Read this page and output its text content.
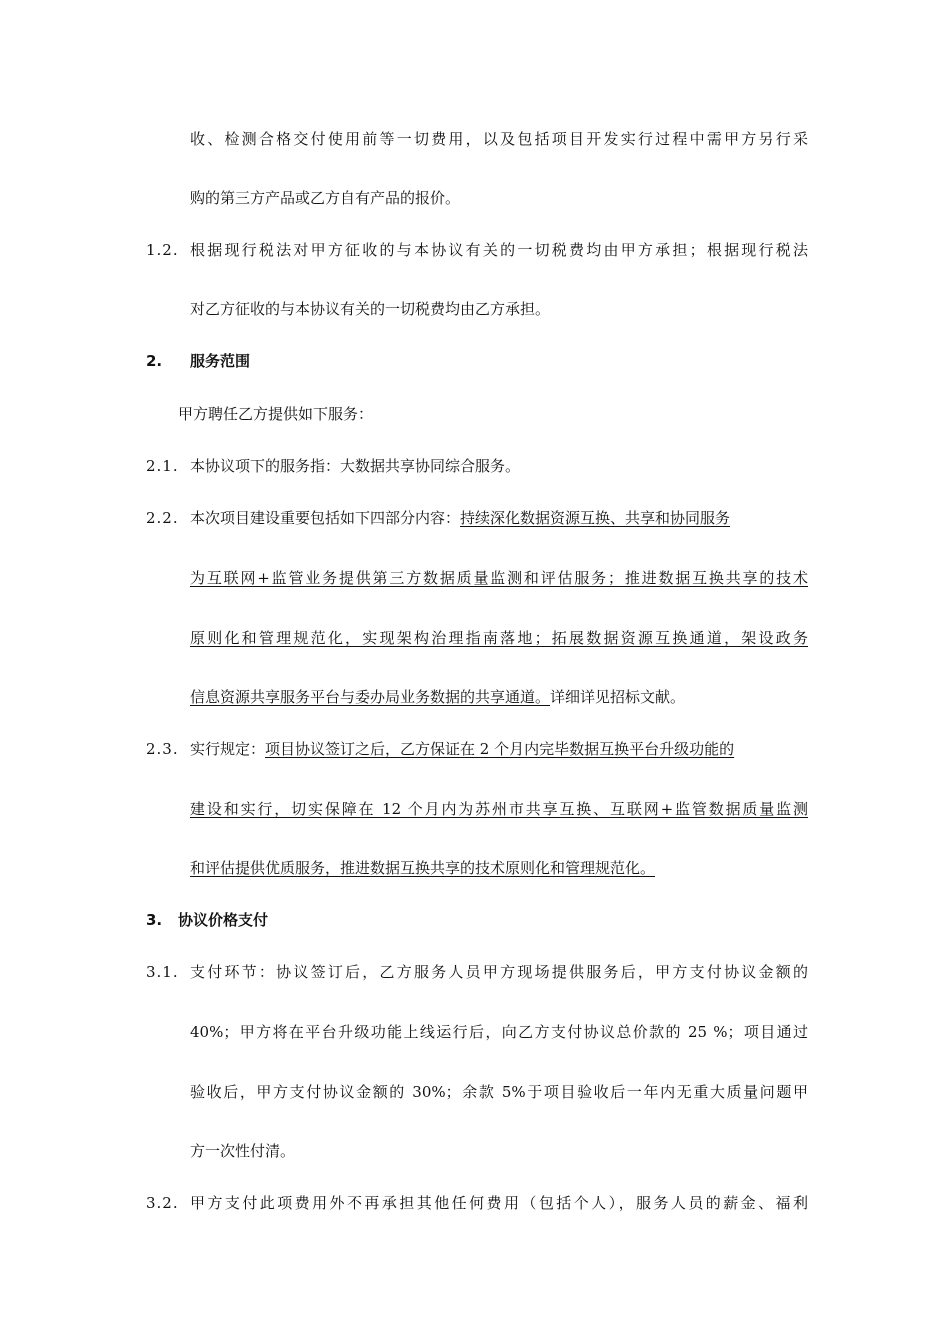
收、检测合格交付使用前等一切费用，以及包括项目开发实行过程中需甲方另行采
购的第三方产品或乙方自有产品的报价。
1.2. 根据现行税法对甲方征收的与本协议有关的一切税费均由甲方承担；根据现行税法
对乙方征收的与本协议有关的一切税费均由乙方承担。
2. 服务范围
甲方聘任乙方提供如下服务：
2.1. 本协议项下的服务指：大数据共享协同综合服务。
2.2. 本次项目建设重要包括如下四部分内容：持续深化数据资源互换、共享和协同服务
为互联网+监管业务提供第三方数据质量监测和评估服务；推进数据互换共享的技术
原则化和管理规范化，实现架构治理指南落地；拓展数据资源互换通道，架设政务
信息资源共享服务平台与委办局业务数据的共享通道。详细详见招标文献。
2.3. 实行规定：项目协议签订之后，乙方保证在 2 个月内完毕数据互换平台升级功能的
建设和实行，切实保障在 12 个月内为苏州市共享互换、互联网+监管数据质量监测
和评估提供优质服务，推进数据互换共享的技术原则化和管理规范化。
3. 协议价格支付
3.1. 支付环节：协议签订后，乙方服务人员甲方现场提供服务后，甲方支付协议金额的
40%；甲方将在平台升级功能上线运行后，向乙方支付协议总价款的 25 %；项目通过
验收后，甲方支付协议金额的 30%；余款 5%于项目验收后一年内无重大质量问题甲
方一次性付清。
3.2. 甲方支付此项费用外不再承担其他任何费用（包括个人），服务人员的薪金、福利
